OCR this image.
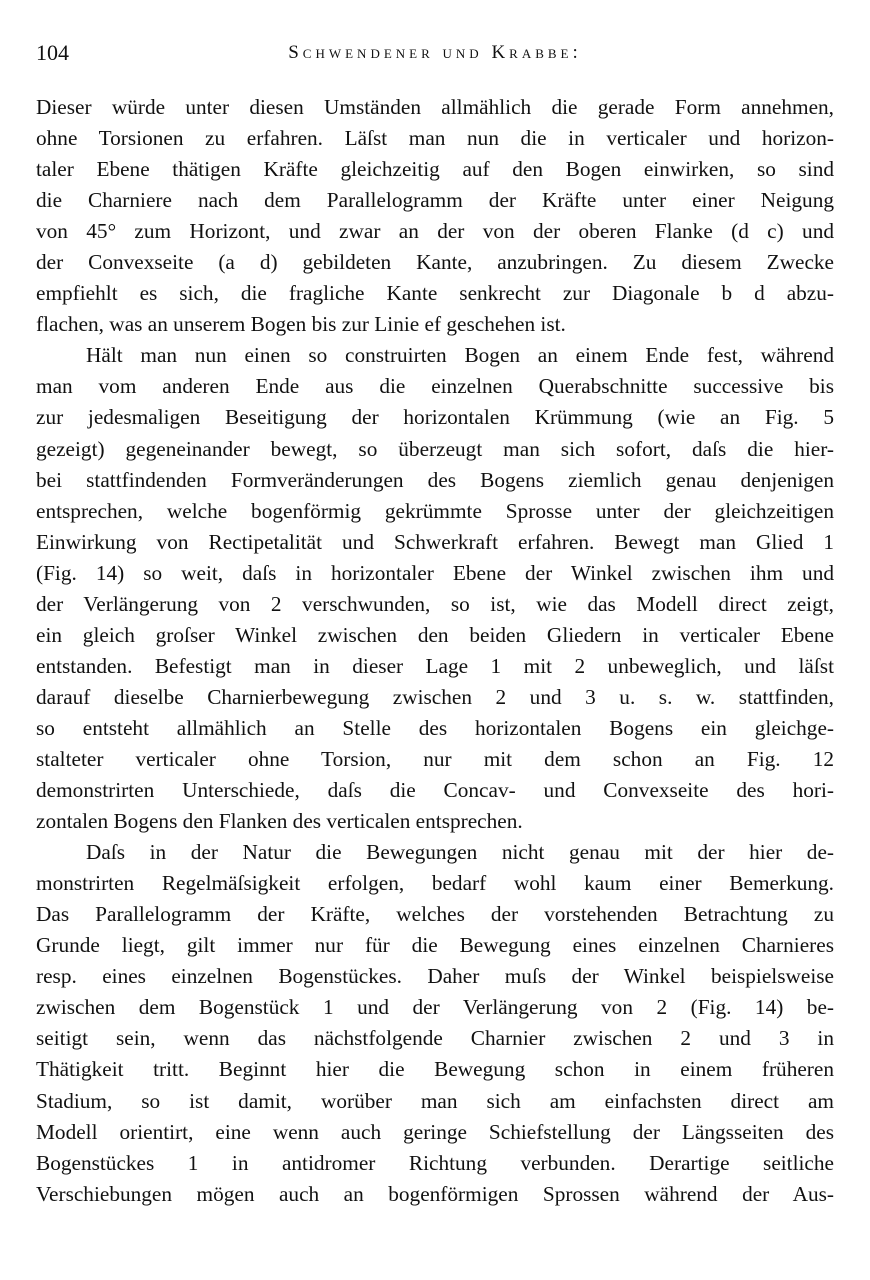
104	Schwendener und Krabbe:
Dieser würde unter diesen Umständen allmählich die gerade Form annehmen,
ohne Torsionen zu erfahren. Läſst man nun die in verticaler und horizon-
taler Ebene thätigen Kräfte gleichzeitig auf den Bogen einwirken, so sind
die Charniere nach dem Parallelogramm der Kräfte unter einer Neigung
von 45° zum Horizont, und zwar an der von der oberen Flanke (d c) und
der Convexseite (a d) gebildeten Kante, anzubringen. Zu diesem Zwecke
empfiehlt es sich, die fragliche Kante senkrecht zur Diagonale b d abzu-
flachen, was an unserem Bogen bis zur Linie ef geschehen ist.
Hält man nun einen so construirten Bogen an einem Ende fest, während
man vom anderen Ende aus die einzelnen Querabschnitte successive bis
zur jedesmaligen Beseitigung der horizontalen Krümmung (wie an Fig. 5
gezeigt) gegeneinander bewegt, so überzeugt man sich sofort, daſs die hier-
bei stattfindenden Formveränderungen des Bogens ziemlich genau denjenigen
entsprechen, welche bogenförmig gekrümmte Sprosse unter der gleichzeitigen
Einwirkung von Rectipetalität und Schwerkraft erfahren. Bewegt man Glied 1
(Fig. 14) so weit, daſs in horizontaler Ebene der Winkel zwischen ihm und
der Verlängerung von 2 verschwunden, so ist, wie das Modell direct zeigt,
ein gleich groſser Winkel zwischen den beiden Gliedern in verticaler Ebene
entstanden. Befestigt man in dieser Lage 1 mit 2 unbeweglich, und läſst
darauf dieselbe Charnierbewegung zwischen 2 und 3 u. s. w. stattfinden,
so entsteht allmählich an Stelle des horizontalen Bogens ein gleichge-
stalteter verticaler ohne Torsion, nur mit dem schon an Fig. 12
demonstrirten Unterschiede, daſs die Concav- und Convexseite des hori-
zontalen Bogens den Flanken des verticalen entsprechen.
Daſs in der Natur die Bewegungen nicht genau mit der hier de-
monstrirten Regelmäſsigkeit erfolgen, bedarf wohl kaum einer Bemerkung.
Das Parallelogramm der Kräfte, welches der vorstehenden Betrachtung zu
Grunde liegt, gilt immer nur für die Bewegung eines einzelnen Charnieres
resp. eines einzelnen Bogenstückes. Daher muſs der Winkel beispielsweise
zwischen dem Bogenstück 1 und der Verlängerung von 2 (Fig. 14) be-
seitigt sein, wenn das nächstfolgende Charnier zwischen 2 und 3 in
Thätigkeit tritt. Beginnt hier die Bewegung schon in einem früheren
Stadium, so ist damit, worüber man sich am einfachsten direct am
Modell orientirt, eine wenn auch geringe Schiefstellung der Längsseiten des
Bogenstückes 1 in antidromer Richtung verbunden. Derartige seitliche
Verschiebungen mögen auch an bogenförmigen Sprossen während der Aus-
